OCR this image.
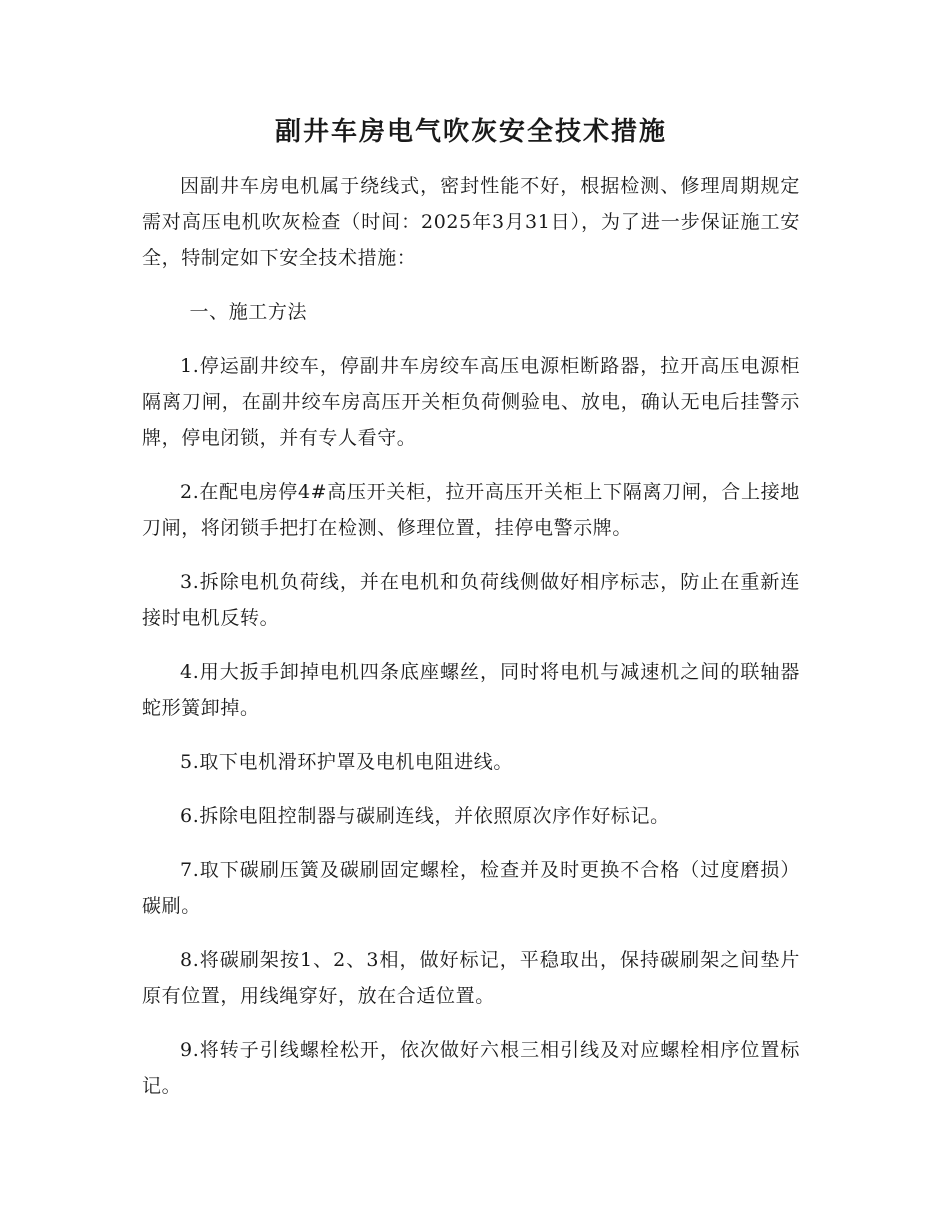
副井车房电气吹灰安全技术措施

因副井车房电机属于绕线式，密封性能不好，根据检测、修理周期规定需对高压电机吹灰检查（时间：2025年3月31日），为了进一步保证施工安全，特制定如下安全技术措施：

一、施工方法

1.停运副井绞车，停副井车房绞车高压电源柜断路器，拉开高压电源柜隔离刀闸，在副井绞车房高压开关柜负荷侧验电、放电，确认无电后挂警示牌，停电闭锁，并有专人看守。

2.在配电房停4#高压开关柜，拉开高压开关柜上下隔离刀闸，合上接地刀闸，将闭锁手把打在检测、修理位置，挂停电警示牌。

3.拆除电机负荷线，并在电机和负荷线侧做好相序标志，防止在重新连接时电机反转。

4.用大扳手卸掉电机四条底座螺丝，同时将电机与减速机之间的联轴器蛇形簧卸掉。

5.取下电机滑环护罩及电机电阻进线。

6.拆除电阻控制器与碳刷连线，并依照原次序作好标记。

7.取下碳刷压簧及碳刷固定螺栓，检查并及时更换不合格（过度磨损）碳刷。

8.将碳刷架按1、2、3相，做好标记，平稳取出，保持碳刷架之间垫片原有位置，用线绳穿好，放在合适位置。

9.将转子引线螺栓松开，依次做好六根三相引线及对应螺栓相序位置标记。
